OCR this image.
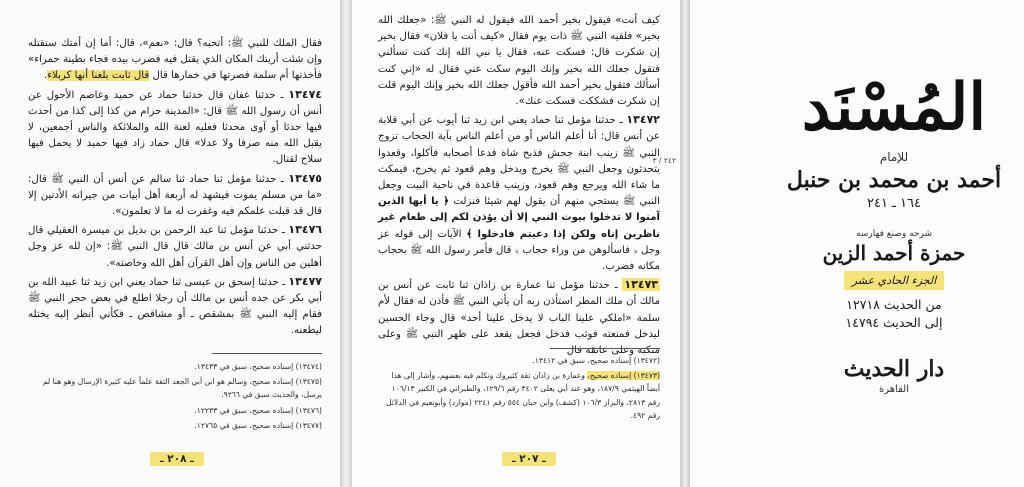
فقال الملك للنبي ﷺ: أتحبه؟ قال: «نعم»، قال: أما إن أمتك ستقتله وإن شئت أريتك المكان الذي يقتل فيه فضرب بيده فجاء بطينة حمراء» فأخذتها أم سلمة فصرتها في خمارها قال قال ثابت بلغنا أنها كربلاء.

١٣٤٧٤ ـ حدثنا عفان قال حدثنا حماد عن حميد وعاصم الأحول عن أنس أن رسول الله ﷺ قال: «المدينة حرام من كذا إلى كذا من أحدث فيها حدثا أو آوى محدثا فعليه لعنة الله والملائكة والناس أجمعين، لا يقبل الله منه صرفا ولا عدلا» قال حماد زاد فيها حميد لا يحمل فيها سلاح لقتال.

١٣٤٧٥ ـ حدثنا مؤمل ثنا حماد ثنا سالم عن أنس أن النبي ﷺ قال: «ما من مسلم يموت فيشهد له أربعة أهل أبيات من جيرانه الأدنين إلا قال قد قبلت علمكم فيه وغفرت له ما لا تعلمون».

١٣٤٧٦ ـ حدثنا مؤمل ثنا عبد الرحمن بن بديل بن ميسرة العقيلي قال حدثني أبي عن أنس بن مالك قال قال النبي ﷺ: «إن لله عز وجل أهلين من الناس وإن أهل القرآن أهل الله وخاصته».

١٣٤٧٧ ـ حدثنا إسحق بن عيسى ثنا حماد يعني ابن زيد ثنا عبيد الله بن أبي بكر عن جده أنس بن مالك أن رجلا اطلع في بعض حجر النبي ﷺ فقام إليه النبي ﷺ بمشقص ـ أو مشاقص ـ فكأني أنظر إليه يختله ليطعنه.

(١٣٤٧٤) إسناده صحيح، سبق في ١٣٤٣٣.

(١٣٤٧٥) إسناده صحيح، وسالم هو ابن أبي الجعد الثقة علماً عليه كثيرة الإرسال وهو هنا لم يرسل، والحديث سبق في ٩٢٦٦.

(١٣٤٧٦) إسناده صحيح، سبق في ١٢٢٣٣.

(١٣٤٧٧) إسناده صحيح، سبق في ١٢٧٦٥.

ـ ٢٠٨ ـ

كيف أنت» فيقول بخير أحمد الله فيقول له النبي ﷺ: «جعلك الله بخير» فلقيه النبي ﷺ ذات يوم فقال «كيف أنت يا فلان» فقال بخير إن شكرت قال: فسكت عنه، فقال يا نبي الله إنك كنت تسألني فتقول جعلك الله بخير وإنك اليوم سكت عني فقال له «إني كنت أسألك فتقول بخير أحمد الله فأقول جعلك الله بخير وإنك اليوم قلت إن شكرت فشككت فسكت عنك».

١٣٤٧٢ ـ حدثنا مؤمل ثنا حماد يعني ابن زيد ثنا أيوب عن أبي قلابة عن أنس قال: أنا أعلم الناس أو من أعلم الناس بآية الحجاب تزوج النبي ﷺ زينب ابنة جحش فذبح شاة فدعا أصحابه فأكلوا، وقعدوا يتحدثون وجعل النبي ﷺ يخرج ويدخل وهم قعود ثم يخرج، فيمكث ما شاء الله ويرجع وهم قعود، وزينب قاعدة في ناحية البيت وجعل النبي ﷺ يستحي منهم أن يقول لهم شيئا فنزلت ﴿ يا أيها الذين آمنوا لا تدخلوا بيوت النبي إلا أن يؤذن لكم إلى طعام غير ناظرين إناه ولكن إذا دعيتم فادخلوا ﴾ الآيات إلى قوله عز وجل ﴿ فاسألوهن من وراء حجاب ﴾ قال فأمر رسول الله ﷺ بحجاب مكانه فضرب.

١٣٤٧٣ ـ حدثنا مؤمل ثنا عمارة بن زاذان ثنا ثابت عن أنس بن مالك أن ملك المطر استأذن ربه أن يأتي النبي ﷺ فأذن له فقال لأم سلمة «املكي علينا الباب لا يدخل علينا أحد» قال وجاء الحسين ليدخل فمنعته فوثب فدخل فجعل يقعد على ظهر النبي ﷺ وعلى منكبه وعلى عاتقه قال

(١٣٤٧٢) إسناده صحيح، سبق في ١٣٤١٢.

(١٣٤٧٣) إسناده صحيح، وعمارة بن زاذان ثقة كثيروك وتكلم فيه بعضهم، وأشار إلى هذا أيضاً الهيثمي ١٨٧/٩، وهو عند أبي يعلى ٣٤٠٢ رقم ١٢٩/٦، والطبراني في الكبير ١٠٦/١٣ رقم ٢٨١٣، والبزار ١٠٦/٣ (كشف) وابن حبان ٥٥٤ رقم ٢٢٤١ (موارد) وأبونعيم في الدلائل رقم ٤٩٢.

ـ ٢٠٧ ـ
٢٤٢ / ٣
المُسْنَد
للإمام
أحمد بن محمد بن حنبل
١٦٤ ـ ٢٤١
شرحه وصنع فهارسه
حمزة أحمد الزين
الجزء الحادي عشر
من الحديث ١٢٧١٨
إلى الحديث ١٤٧٩٤
دار الحديث
القاهرة
